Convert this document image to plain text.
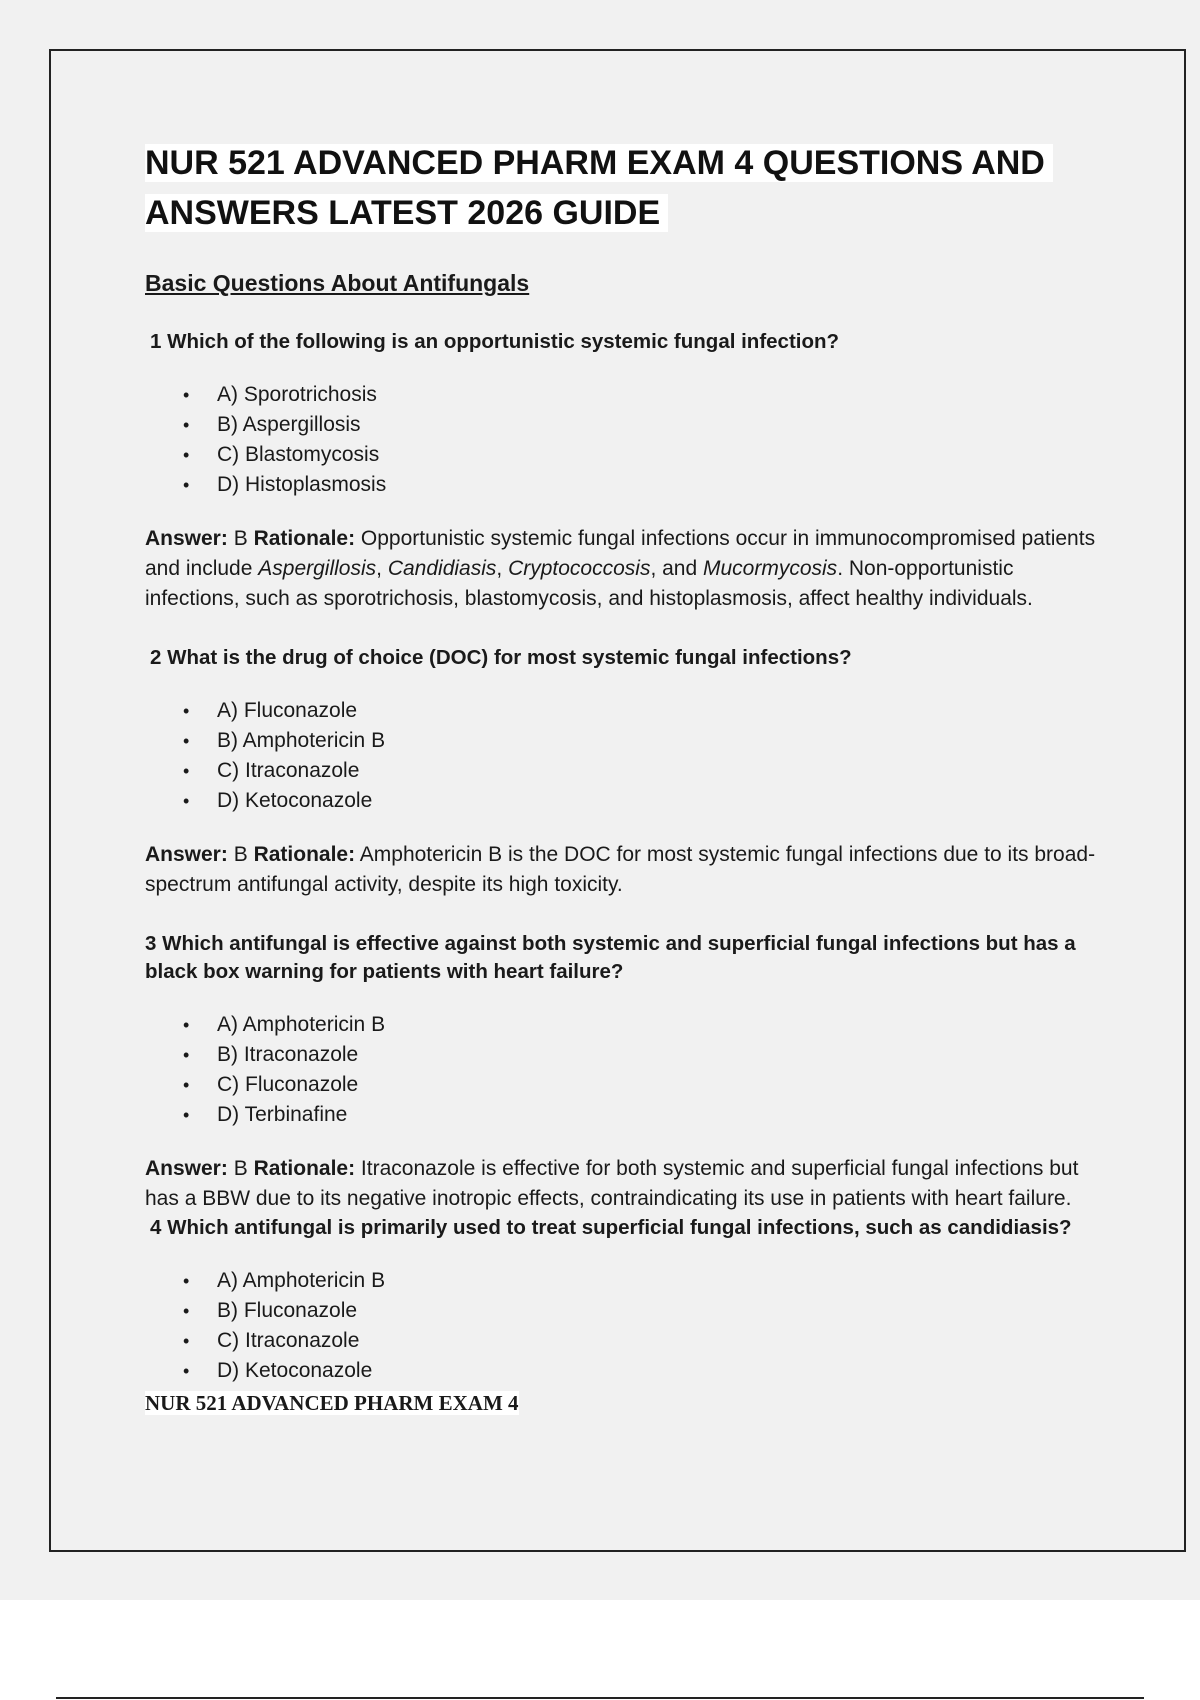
NUR 521 ADVANCED PHARM EXAM 4 QUESTIONS AND
ANSWERS LATEST 2026 GUIDE
Basic Questions About Antifungals

1 Which of the following is an opportunistic systemic fungal infection?

• A) Sporotrichosis
• B) Aspergillosis
• C) Blastomycosis
• D) Histoplasmosis

Answer: B Rationale: Opportunistic systemic fungal infections occur in immunocompromised patients and include Aspergillosis, Candidiasis, Cryptococcosis, and Mucormycosis. Non-opportunistic infections, such as sporotrichosis, blastomycosis, and histoplasmosis, affect healthy individuals.

2 What is the drug of choice (DOC) for most systemic fungal infections?

• A) Fluconazole
• B) Amphotericin B
• C) Itraconazole
• D) Ketoconazole

Answer: B Rationale: Amphotericin B is the DOC for most systemic fungal infections due to its broad-spectrum antifungal activity, despite its high toxicity.

3 Which antifungal is effective against both systemic and superficial fungal infections but has a black box warning for patients with heart failure?

• A) Amphotericin B
• B) Itraconazole
• C) Fluconazole
• D) Terbinafine

Answer: B Rationale: Itraconazole is effective for both systemic and superficial fungal infections but has a BBW due to its negative inotropic effects, contraindicating its use in patients with heart failure.

4 Which antifungal is primarily used to treat superficial fungal infections, such as candidiasis?

• A) Amphotericin B
• B) Fluconazole
• C) Itraconazole
• D) Ketoconazole
NUR 521 ADVANCED PHARM EXAM 4
